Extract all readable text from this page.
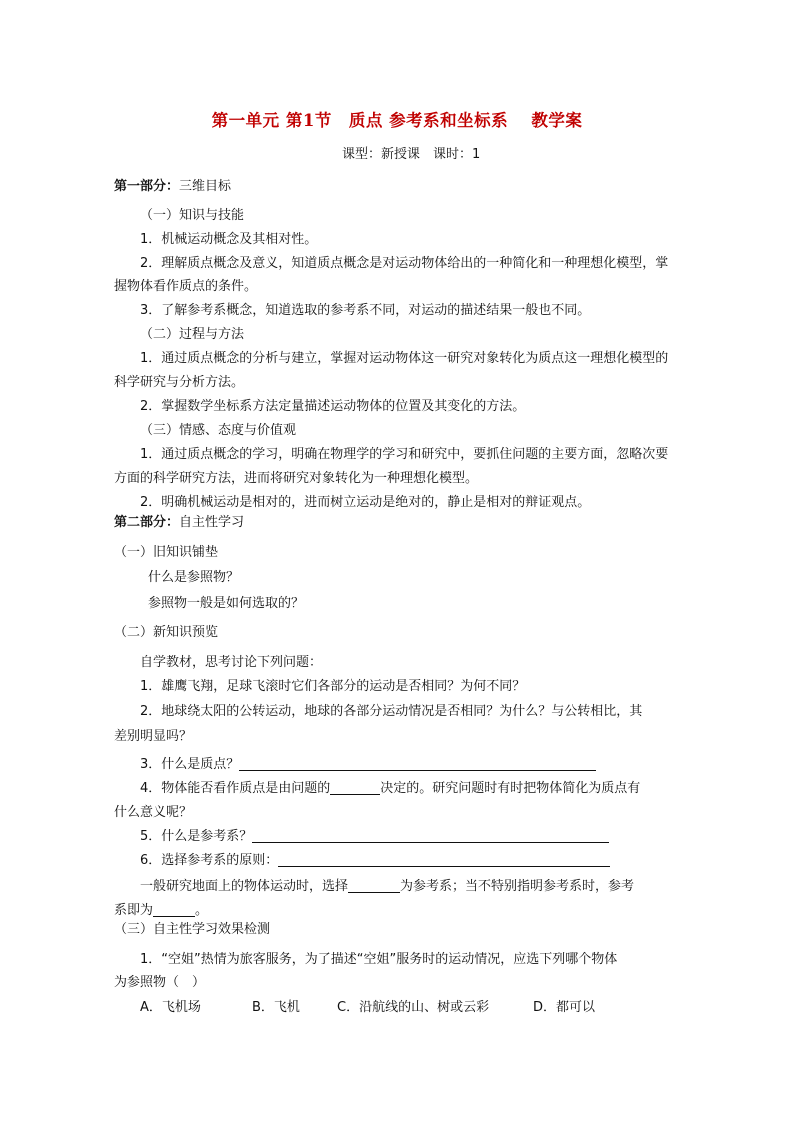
第一单元 第1节　质点 参考系和坐标系　 教学案
课型：新授课　课时：1
第一部分：三维目标
（一）知识与技能
1．机械运动概念及其相对性。
2．理解质点概念及意义，知道质点概念是对运动物体给出的一种简化和一种理想化模型，掌
握物体看作质点的条件。
3．了解参考系概念，知道选取的参考系不同，对运动的描述结果一般也不同。
（二）过程与方法
1．通过质点概念的分析与建立，掌握对运动物体这一研究对象转化为质点这一理想化模型的
科学研究与分析方法。
2．掌握数学坐标系方法定量描述运动物体的位置及其变化的方法。
（三）情感、态度与价值观
1．通过质点概念的学习，明确在物理学的学习和研究中，要抓住问题的主要方面，忽略次要
方面的科学研究方法，进而将研究对象转化为一种理想化模型。
2．明确机械运动是相对的，进而树立运动是绝对的，静止是相对的辩证观点。
第二部分：自主性学习
（一）旧知识铺垫
什么是参照物？
参照物一般是如何选取的？
（二）新知识预览
自学教材，思考讨论下列问题：
1．雄鹰飞翔，足球飞滚时它们各部分的运动是否相同？为何不同？
2．地球绕太阳的公转运动，地球的各部分运动情况是否相同？为什么？与公转相比，其
差别明显吗？
3．什么是质点？
4．物体能否看作质点是由问题的	决定的。研究问题时有时把物体简化为质点有
什么意义呢？
5．什么是参考系？
6．选择参考系的原则：
一般研究地面上的物体运动时，选择	为参考系；当不特别指明参考系时，参考
系即为	。
（三）自主性学习效果检测
1．“空姐”热情为旅客服务，为了描述“空姐”服务时的运动情况，应选下列哪个物体
为参照物（　）
A．飞机场	B．飞机	C．沿航线的山、树或云彩	D．都可以
